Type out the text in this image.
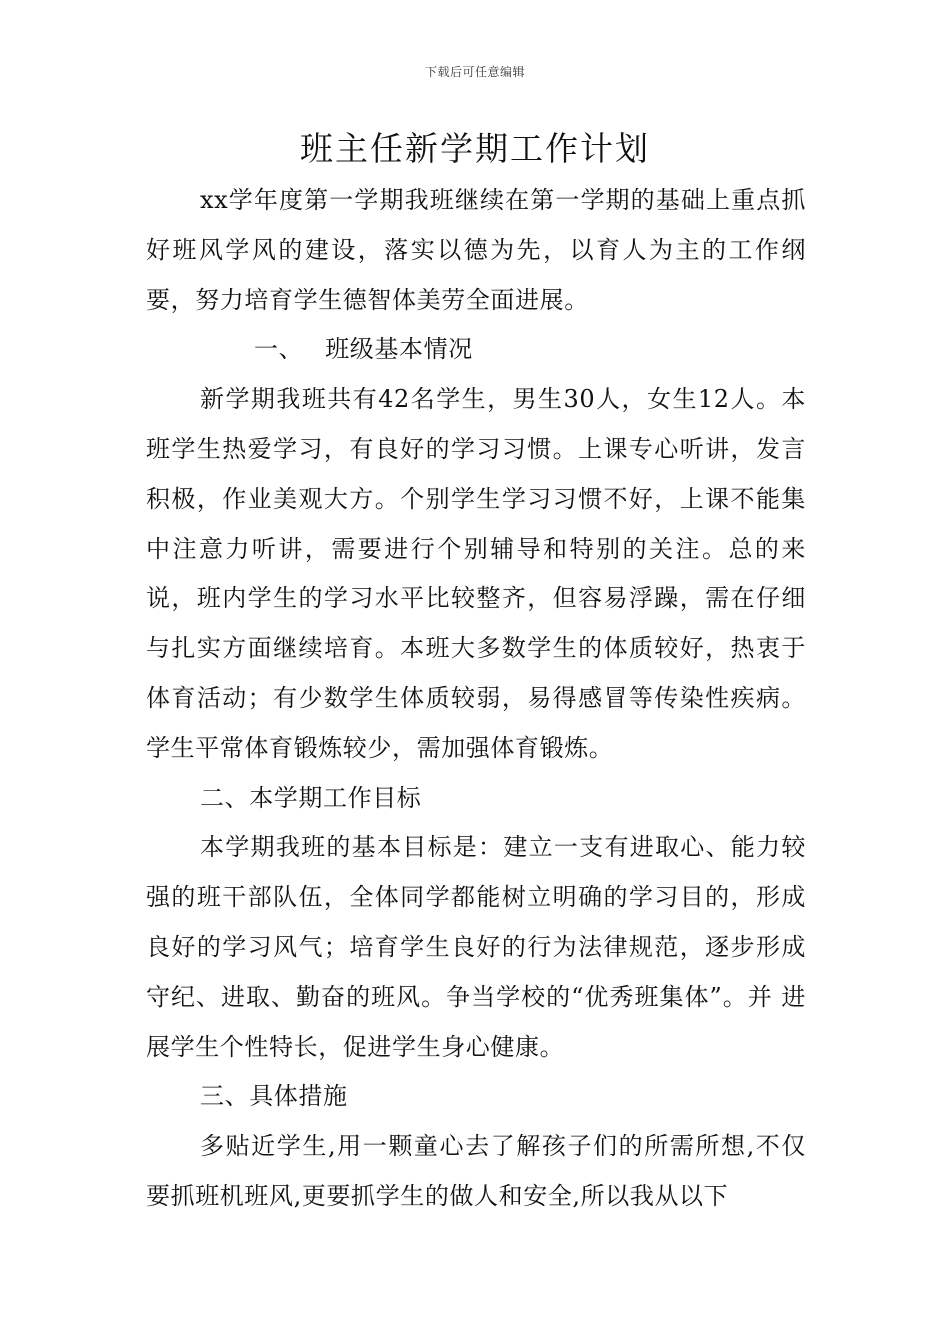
下载后可任意编辑
班主任新学期工作计划

xx学年度第一学期我班继续在第一学期的基础上重点抓好班风学风的建设，落实以德为先，以育人为主的工作纲要，努力培育学生德智体美劳全面进展。

一、 班级基本情况

新学期我班共有42名学生，男生30人，女生12人。本班学生热爱学习，有良好的学习习惯。上课专心听讲，发言积极，作业美观大方。个别学生学习习惯不好，上课不能集中注意力听讲，需要进行个别辅导和特别的关注。总的来说，班内学生的学习水平比较整齐，但容易浮躁，需在仔细与扎实方面继续培育。本班大多数学生的体质较好，热衷于体育活动；有少数学生体质较弱，易得感冒等传染性疾病。学生平常体育锻炼较少，需加强体育锻炼。

二、本学期工作目标

本学期我班的基本目标是：建立一支有进取心、能力较强的班干部队伍，全体同学都能树立明确的学习目的，形成良好的学习风气；培育学生良好的行为法律规范，逐步形成守纪、进取、勤奋的班风。争当学校的“优秀班集体”。并 进展学生个性特长，促进学生身心健康。

三、具体措施

多贴近学生,用一颗童心去了解孩子们的所需所想,不仅要抓班机班风,更要抓学生的做人和安全,所以我从以下
